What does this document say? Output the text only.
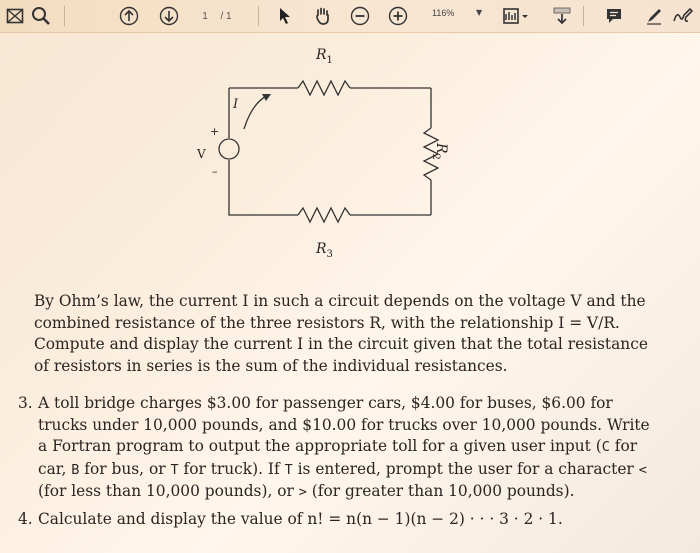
1	/ 1	116%	▼
$R_1$
$R_2$
$R_3$
I
V
+
–
By Ohm’s law, the current I in such a circuit depends on the voltage V and the combined resistance of the three resistors R, with the relationship I = V/R. Compute and display the current I in the circuit given that the total resistance of resistors in series is the sum of the individual resistances.
3. A toll bridge charges $3.00 for passenger cars, $4.00 for buses, $6.00 for trucks under 10,000 pounds, and $10.00 for trucks over 10,000 pounds. Write a Fortran program to output the appropriate toll for a given user input (C for car, B for bus, or T for truck). If T is entered, prompt the user for a character < (for less than 10,000 pounds), or > (for greater than 10,000 pounds).
4. Calculate and display the value of n! = n(n − 1)(n − 2) · · · 3 · 2 · 1.
